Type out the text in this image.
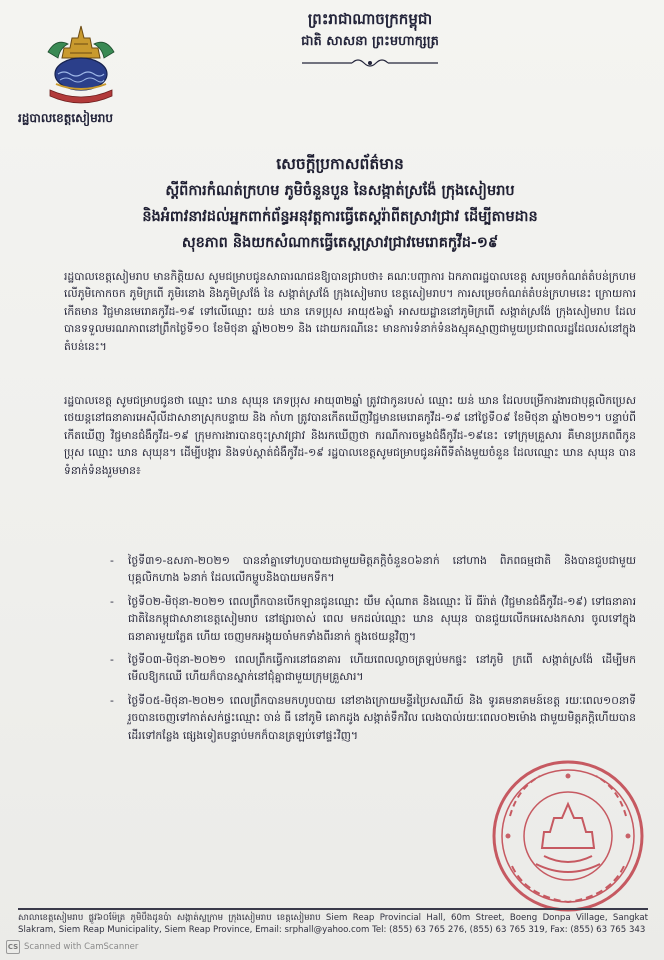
ព្រះរាជាណាចក្រកម្ពុជា
ជាតិ សាសនា ព្រះមហាក្សត្រ
រដ្ឋបាលខេត្តសៀមរាប
សេចក្តីប្រកាសព័ត៌មាន
ស្តីពីការកំណត់ក្រហម ភូមិចំនួនបួន នៃសង្កាត់ស្រង៉ែ ក្រុងសៀមរាប
និងអំពាវនាវដល់អ្នកពាក់ព័ន្ធអនុវត្តការធ្វើតេស្តរ៉ាពីតស្រាវជ្រាវ ដើម្បីតាមដាន
សុខភាព និងយកសំណាកធ្វើតេស្តស្រាវជ្រាវមេរោគកូវីដ-១៩
រដ្ឋបាលខេត្តសៀមរាប មានកិត្តិយស សូមជម្រាបជូនសាធារណជនឱ្យបានជ្រាបថា៖ គណៈបញ្ជាការ ឯកភាពរដ្ឋបាលខេត្ត សម្រេចកំណត់តំបន់ក្រហម លើភូមិកោកចក ភូមិក្រពើ ភូមិរនោង និងភូមិស្រង៉ែ នៃ សង្កាត់ស្រង៉ែ ក្រុងសៀមរាប ខេត្តសៀមរាប។ ការសម្រេចកំណត់តំបន់ក្រហមនេះ ក្រោយការកើតមាន វិជ្ជមានមេរោគកូវីដ-១៩ ទៅលើឈ្មោះ យន់ ឃាន ភេទប្រុស អាយុ៥៦ឆ្នាំ អាសយដ្ឋាននៅភូមិក្រពើ សង្កាត់ស្រង៉ែ ក្រុងសៀមរាប ដែលបានទទួលមរណភាពនៅព្រឹកថ្ងៃទី១០ ខែមិថុនា ឆ្នាំ២០២១ និង ដោយករណីនេះ មានការទំនាក់ទំនងស្មុគស្មាញជាមួយប្រជាពលរដ្ឋដែលរស់នៅក្នុងតំបន់នេះ។
រដ្ឋបាលខេត្ត សូមជម្រាបជូនថា ឈ្មោះ ឃាន សុឃុន ភេទប្រុស អាយុ៣២ឆ្នាំ ត្រូវជាកូនរបស់ ឈ្មោះ យន់ ឃាន ដែលបម្រើការងារជាបុគ្គលិកប្រេស ថេយន្តនៅធនាគារអេស៊ីលីដាសាខាស្រុកបន្ទាយ និង កាំហា ត្រូវបានកើតឃើញវិជ្ជមានមេរោគកូវីដ-១៩ នៅថ្ងៃទី០៩ ខែមិថុនា ឆ្នាំ២០២១។ បន្ទាប់ពីកើតឃើញ វិជ្ជមានជំងឺកូវីដ-១៩ ក្រុមការងារបានចុះស្រាវជ្រាវ និងរកឃើញថា ករណីការចម្លងជំងឺកូវីដ-១៩នេះ ទៅក្រុមគ្រួសារ គឺមានប្រភពពីកូនប្រុស ឈ្មោះ ឃាន សុឃុន។ ដើម្បីបង្ការ និងទប់ស្កាត់ជំងឺកូវីដ-១៩ រដ្ឋបាលខេត្តសូមជម្រាបជូនអំពីទីតាំងមួយចំនួន ដែលឈ្មោះ ឃាន សុឃុន បានទំនាក់ទំនងរួមមាន៖
- ថ្ងៃទី៣១-ឧសភា-២០២១ បាននាំគ្នាទៅហូបបាយជាមួយមិត្តភក្តិចំនួន០៦នាក់ នៅហាង ពិភពធម្មជាតិ និងបានជួបជាមួយបុគ្គលិកហាង ៦នាក់ ដែលលើកម្ហូបនិងបាយមកទឹក។
- ថ្ងៃទី០២-មិថុនា-២០២១ ពេលព្រឹកបានបើកឡានជូនឈ្មោះ យឹម សុំណាត និងឈ្មោះ រ៉ៃ ធីរ៉ាត់ (វិជ្ជមានជំងឺកូវីដ-១៩) ទៅធនាគារជាតិនៃកម្ពុជាសាខាខេត្តសៀមរាប នៅផ្សារចាស់ ពេល មកដល់ឈ្មោះ ឃាន សុឃុន បានជួយលើកអេសេងកសារ ចូលទៅក្នុងធនាគារមួយភ្លែត ហើយ ចេញមកអង្គុយចាំមកទាំងពីរនាក់ ក្នុងថេយន្តវិញ។
- ថ្ងៃទី០៣-មិថុនា-២០២១ ពេលព្រឹកធ្វើការនៅធនាគារ ហើយពេលល្ងាចត្រឡប់មកផ្ទះ នៅភូមិ ក្រពើ សង្កាត់ស្រង៉ែ ដើម្បីមកមើលឱ្យកឈើ ហើយក៏បានស្នាក់នៅជុំគ្នាជាមួយក្រុមគ្រួសារ។
- ថ្ងៃទី០៥-មិថុនា-២០២១ ពេលព្រឹកបានមកហូបបាយ នៅខាងក្រោយមន្ទីរប្រៃសណីយ៍ និង ទូរគមនាគមន៍ខេត្ត រយៈពេល១០នាទី រួចបានចេញទៅកាត់សក់ផ្ទះឈ្មោះ ចាន់ ធី នៅភូមិ គោកដូង សង្កាត់ទឹកវិល លេងបាល់រយៈពេល០២ម៉ោង ជាមួយមិត្តភក្តិហើយបានដើរទៅកន្លែង ផ្សេងទៀតបន្ទាប់មកក៏បានត្រឡប់ទៅផ្ទះវិញ។
សាលាខេត្តសៀមរាប ផ្លូវ៦០ម៉ែត្រ ភូមិបឹងដូនប៉ា សង្កាត់ស្លក្រាម ក្រុងសៀមរាប ខេត្តសៀមរាប Siem Reap Provincial Hall, 60m Street, Boeng Donpa Village, Sangkat Slakram, Siem Reap Municipality, Siem Reap Province, Email: srphall@yahoo.com Tel: (855) 63 765 276, (855) 63 765 319, Fax: (855) 63 765 343
CS Scanned with CamScanner
